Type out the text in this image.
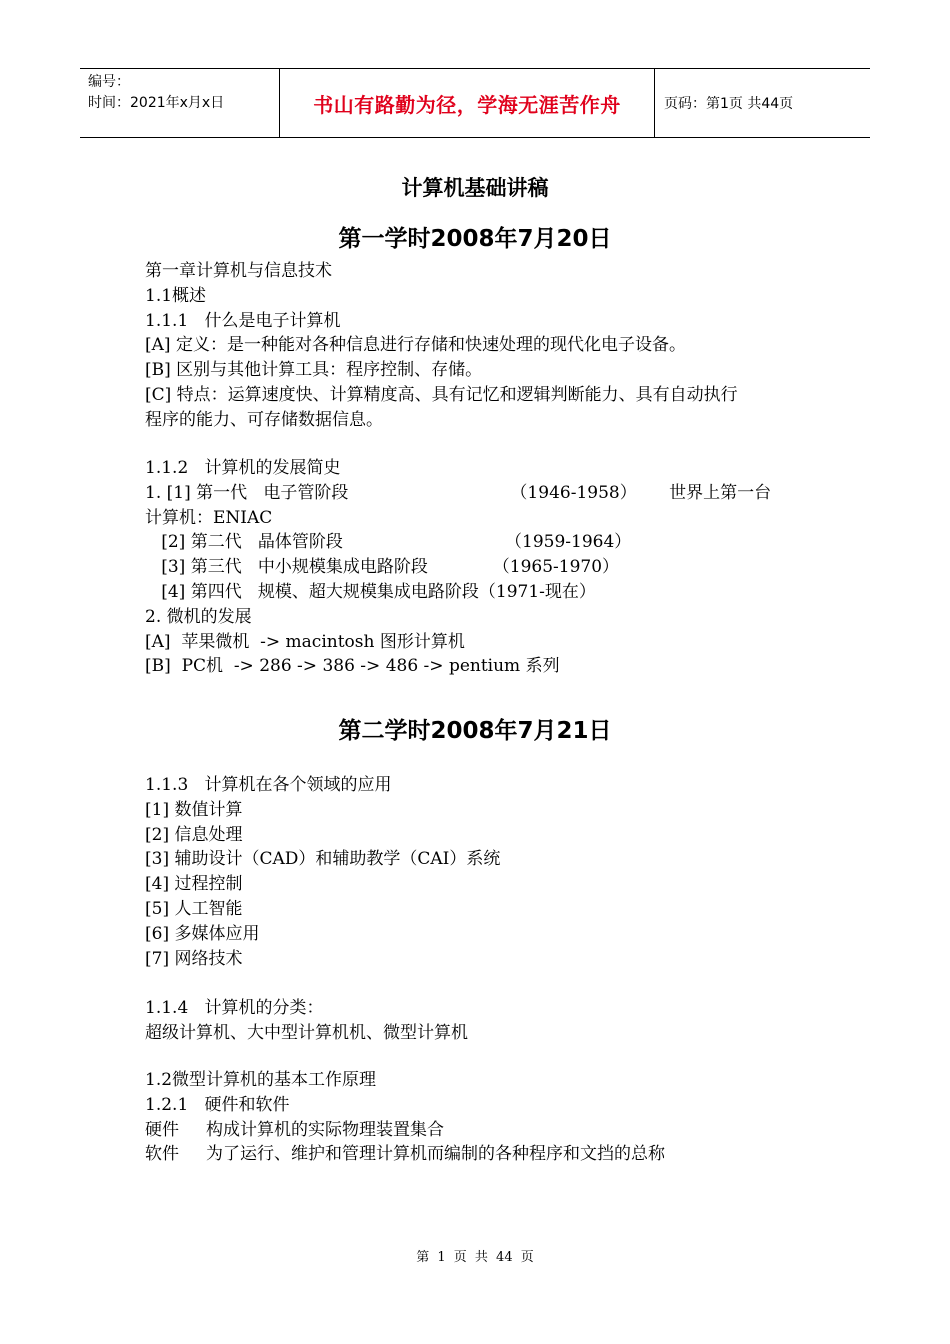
编号：
时间：2021年x月x日	书山有路勤为径，学海无涯苦作舟	页码：第1页 共44页
计算机基础讲稿
第一学时2008年7月20日
第一章计算机与信息技术
1.1概述
1.1.1   什么是电子计算机
[A] 定义：是一种能对各种信息进行存储和快速处理的现代化电子设备。
[B] 区别与其他计算工具：程序控制、存储。
[C] 特点：运算速度快、计算精度高、具有记忆和逻辑判断能力、具有自动执行
程序的能力、可存储数据信息。
1.1.2   计算机的发展简史
1. [1] 第一代   电子管阶段                              （1946-1958）      世界上第一台
计算机：ENIAC
[2] 第二代   晶体管阶段                              （1959-1964）
[3] 第三代   中小规模集成电路阶段            （1965-1970）
[4] 第四代   规模、超大规模集成电路阶段（1971-现在）
2. 微机的发展
[A]  苹果微机  -> macintosh 图形计算机
[B]  PC机  -> 286 -> 386 -> 486 -> pentium 系列
第二学时2008年7月21日
1.1.3   计算机在各个领域的应用
[1] 数值计算
[2] 信息处理
[3] 辅助设计（CAD）和辅助教学（CAI）系统
[4] 过程控制
[5] 人工智能
[6] 多媒体应用
[7] 网络技术
1.1.4   计算机的分类：
超级计算机、大中型计算机机、微型计算机
1.2微型计算机的基本工作原理
1.2.1   硬件和软件
硬件     构成计算机的实际物理装置集合
软件     为了运行、维护和管理计算机而编制的各种程序和文挡的总称
第 1 页 共 44 页
